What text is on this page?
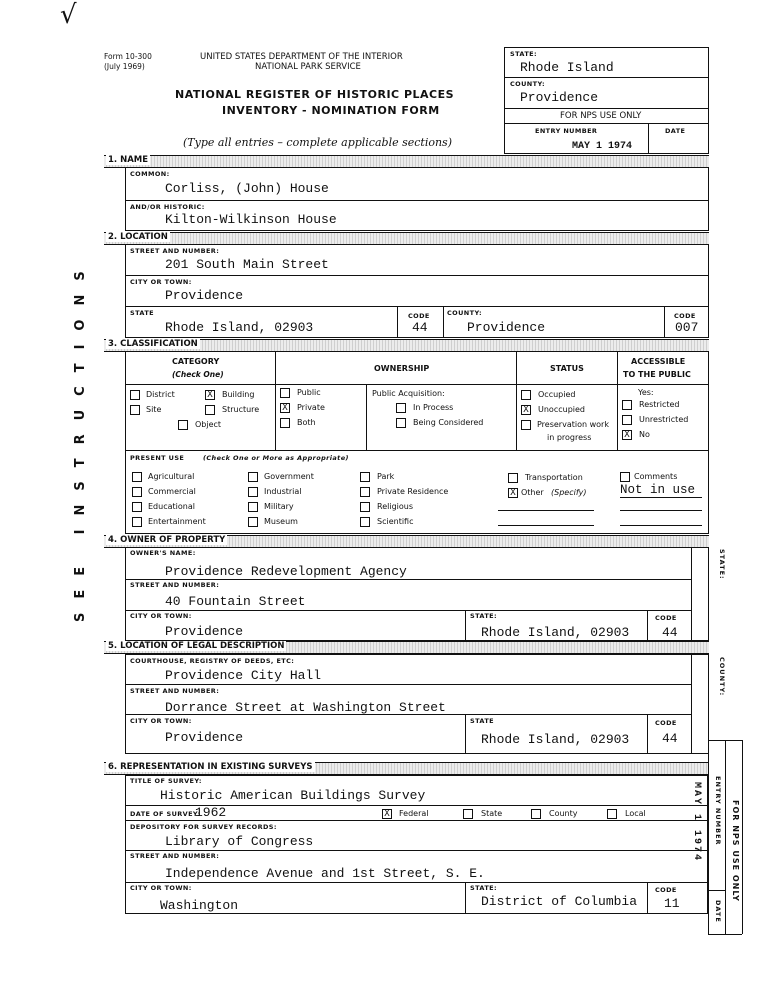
√
Form 10-300
(July 1969)
UNITED STATES DEPARTMENT OF THE INTERIOR
NATIONAL PARK SERVICE
NATIONAL REGISTER OF HISTORIC PLACES
INVENTORY - NOMINATION FORM
(Type all entries – complete applicable sections)
STATE:
Rhode Island
COUNTY:
Providence
FOR NPS USE ONLY
ENTRY NUMBER	DATE
MAY 1 1974
SEE INSTRUCTIONS
1. NAME
COMMON:
Corliss, (John) House
AND/OR HISTORIC:
Kilton-Wilkinson House
2. LOCATION
STREET AND NUMBER:
201 South Main Street
CITY OR TOWN:
Providence
STATE
Rhode Island, 02903
CODE
44
COUNTY:
Providence
CODE
007
3. CLASSIFICATION
CATEGORY
(Check One)
OWNERSHIP	STATUS
ACCESSIBLE
TO THE PUBLIC
District	X Building
Site	Structure
Object
Public
X Private
Both
Public Acquisition:
In Process
Being Considered
Occupied
X Unoccupied
Preservation work
in progress
Yes:
Restricted
Unrestricted
X No
PRESENT USE	(Check One or More as Appropriate)
Agricultural
Commercial
Educational
Entertainment
Government
Industrial
Military
Museum
Park
Private Residence
Religious
Scientific
Transportation
X Other (Specify)
Comments
Not in use
4. OWNER OF PROPERTY
OWNER'S NAME:
Providence Redevelopment Agency
STREET AND NUMBER:
40 Fountain Street
CITY OR TOWN:
Providence
STATE:
Rhode Island, 02903
CODE
44
STATE:
5. LOCATION OF LEGAL DESCRIPTION
COURTHOUSE, REGISTRY OF DEEDS, ETC:
Providence City Hall
STREET AND NUMBER:
Dorrance Street at Washington Street
CITY OR TOWN:
Providence
STATE
Rhode Island, 02903
CODE
44
COUNTY:
6. REPRESENTATION IN EXISTING SURVEYS
TITLE OF SURVEY:
Historic American Buildings Survey
DATE OF SURVEY:
1962	X Federal	State	County	Local
DEPOSITORY FOR SURVEY RECORDS:
Library of Congress
STREET AND NUMBER:
Independence Avenue and 1st Street, S. E.
CITY OR TOWN:
Washington
STATE:
District of Columbia
CODE
11
ENTRY NUMBER
DATE
FOR NPS USE ONLY
MAY 1 1974
